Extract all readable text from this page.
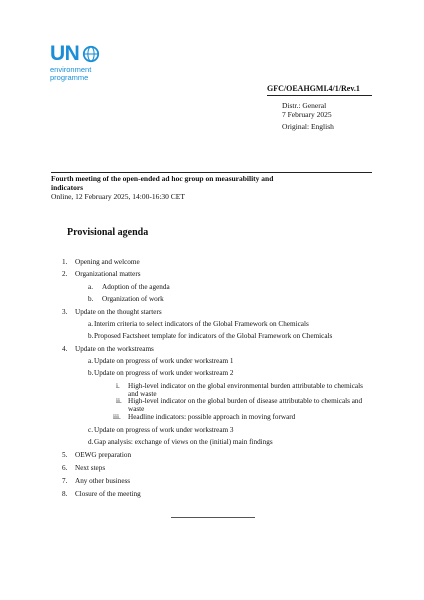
UN
environment
programme
GFC/OEAHGMI.4/1/Rev.1
Distr.: General
7 February 2025
Original: English
Fourth meeting of the open-ended ad hoc group on measurability and indicators
Online, 12 February 2025, 14:00-16:30 CET
Provisional agenda
1. Opening and welcome
2. Organizational matters
a. Adoption of the agenda
b. Organization of work
3. Update on the thought starters
a. Interim criteria to select indicators of the Global Framework on Chemicals
b. Proposed Factsheet template for indicators of the Global Framework on Chemicals
4. Update on the workstreams
a. Update on progress of work under workstream 1
b. Update on progress of work under workstream 2
i. High-level indicator on the global environmental burden attributable to chemicals
and waste
ii. High-level indicator on the global burden of disease attributable to chemicals and
waste
iii. Headline indicators: possible approach in moving forward
c. Update on progress of work under workstream 3
d. Gap analysis: exchange of views on the (initial) main findings
5. OEWG preparation
6. Next steps
7. Any other business
8. Closure of the meeting
